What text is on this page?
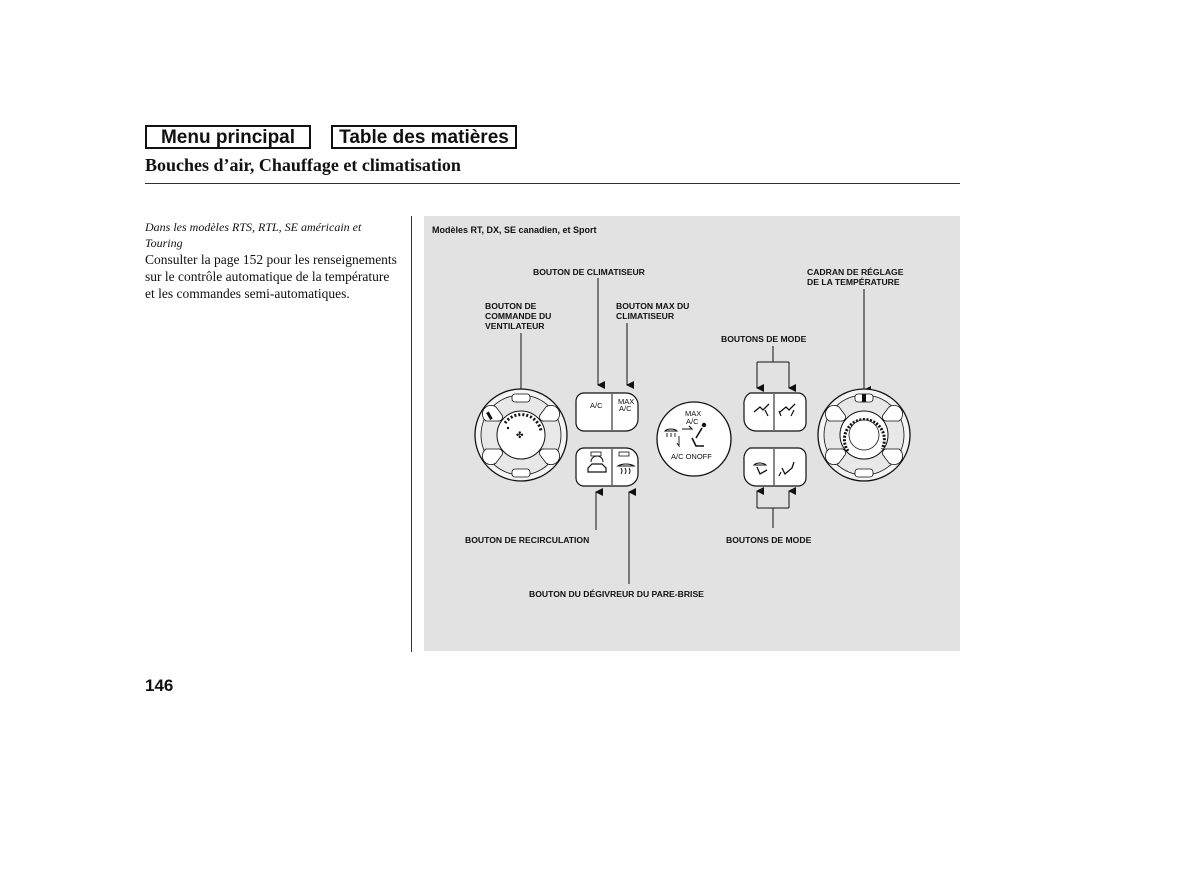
Menu principal	Table des matières
Bouches d’air, Chauffage et climatisation
Dans les modèles RTS, RTL, SE américain et Touring
Consulter la page 152 pour les renseignements sur le contrôle automatique de la température et les commandes semi-automatiques.
Modèles RT, DX, SE canadien, et Sport
BOUTON DE CLIMATISEUR	CADRAN DE RÉGLAGE
DE LA TEMPÉRATURE
BOUTON DE
COMMANDE DU
VENTILATEUR
BOUTON MAX DU
CLIMATISEUR
BOUTONS DE MODE
✤
A/C MAX
A/C
MAX
A/C
A/C ONOFF
BOUTON DE RECIRCULATION	BOUTONS DE MODE
BOUTON DU DÉGIVREUR DU PARE-BRISE
146
